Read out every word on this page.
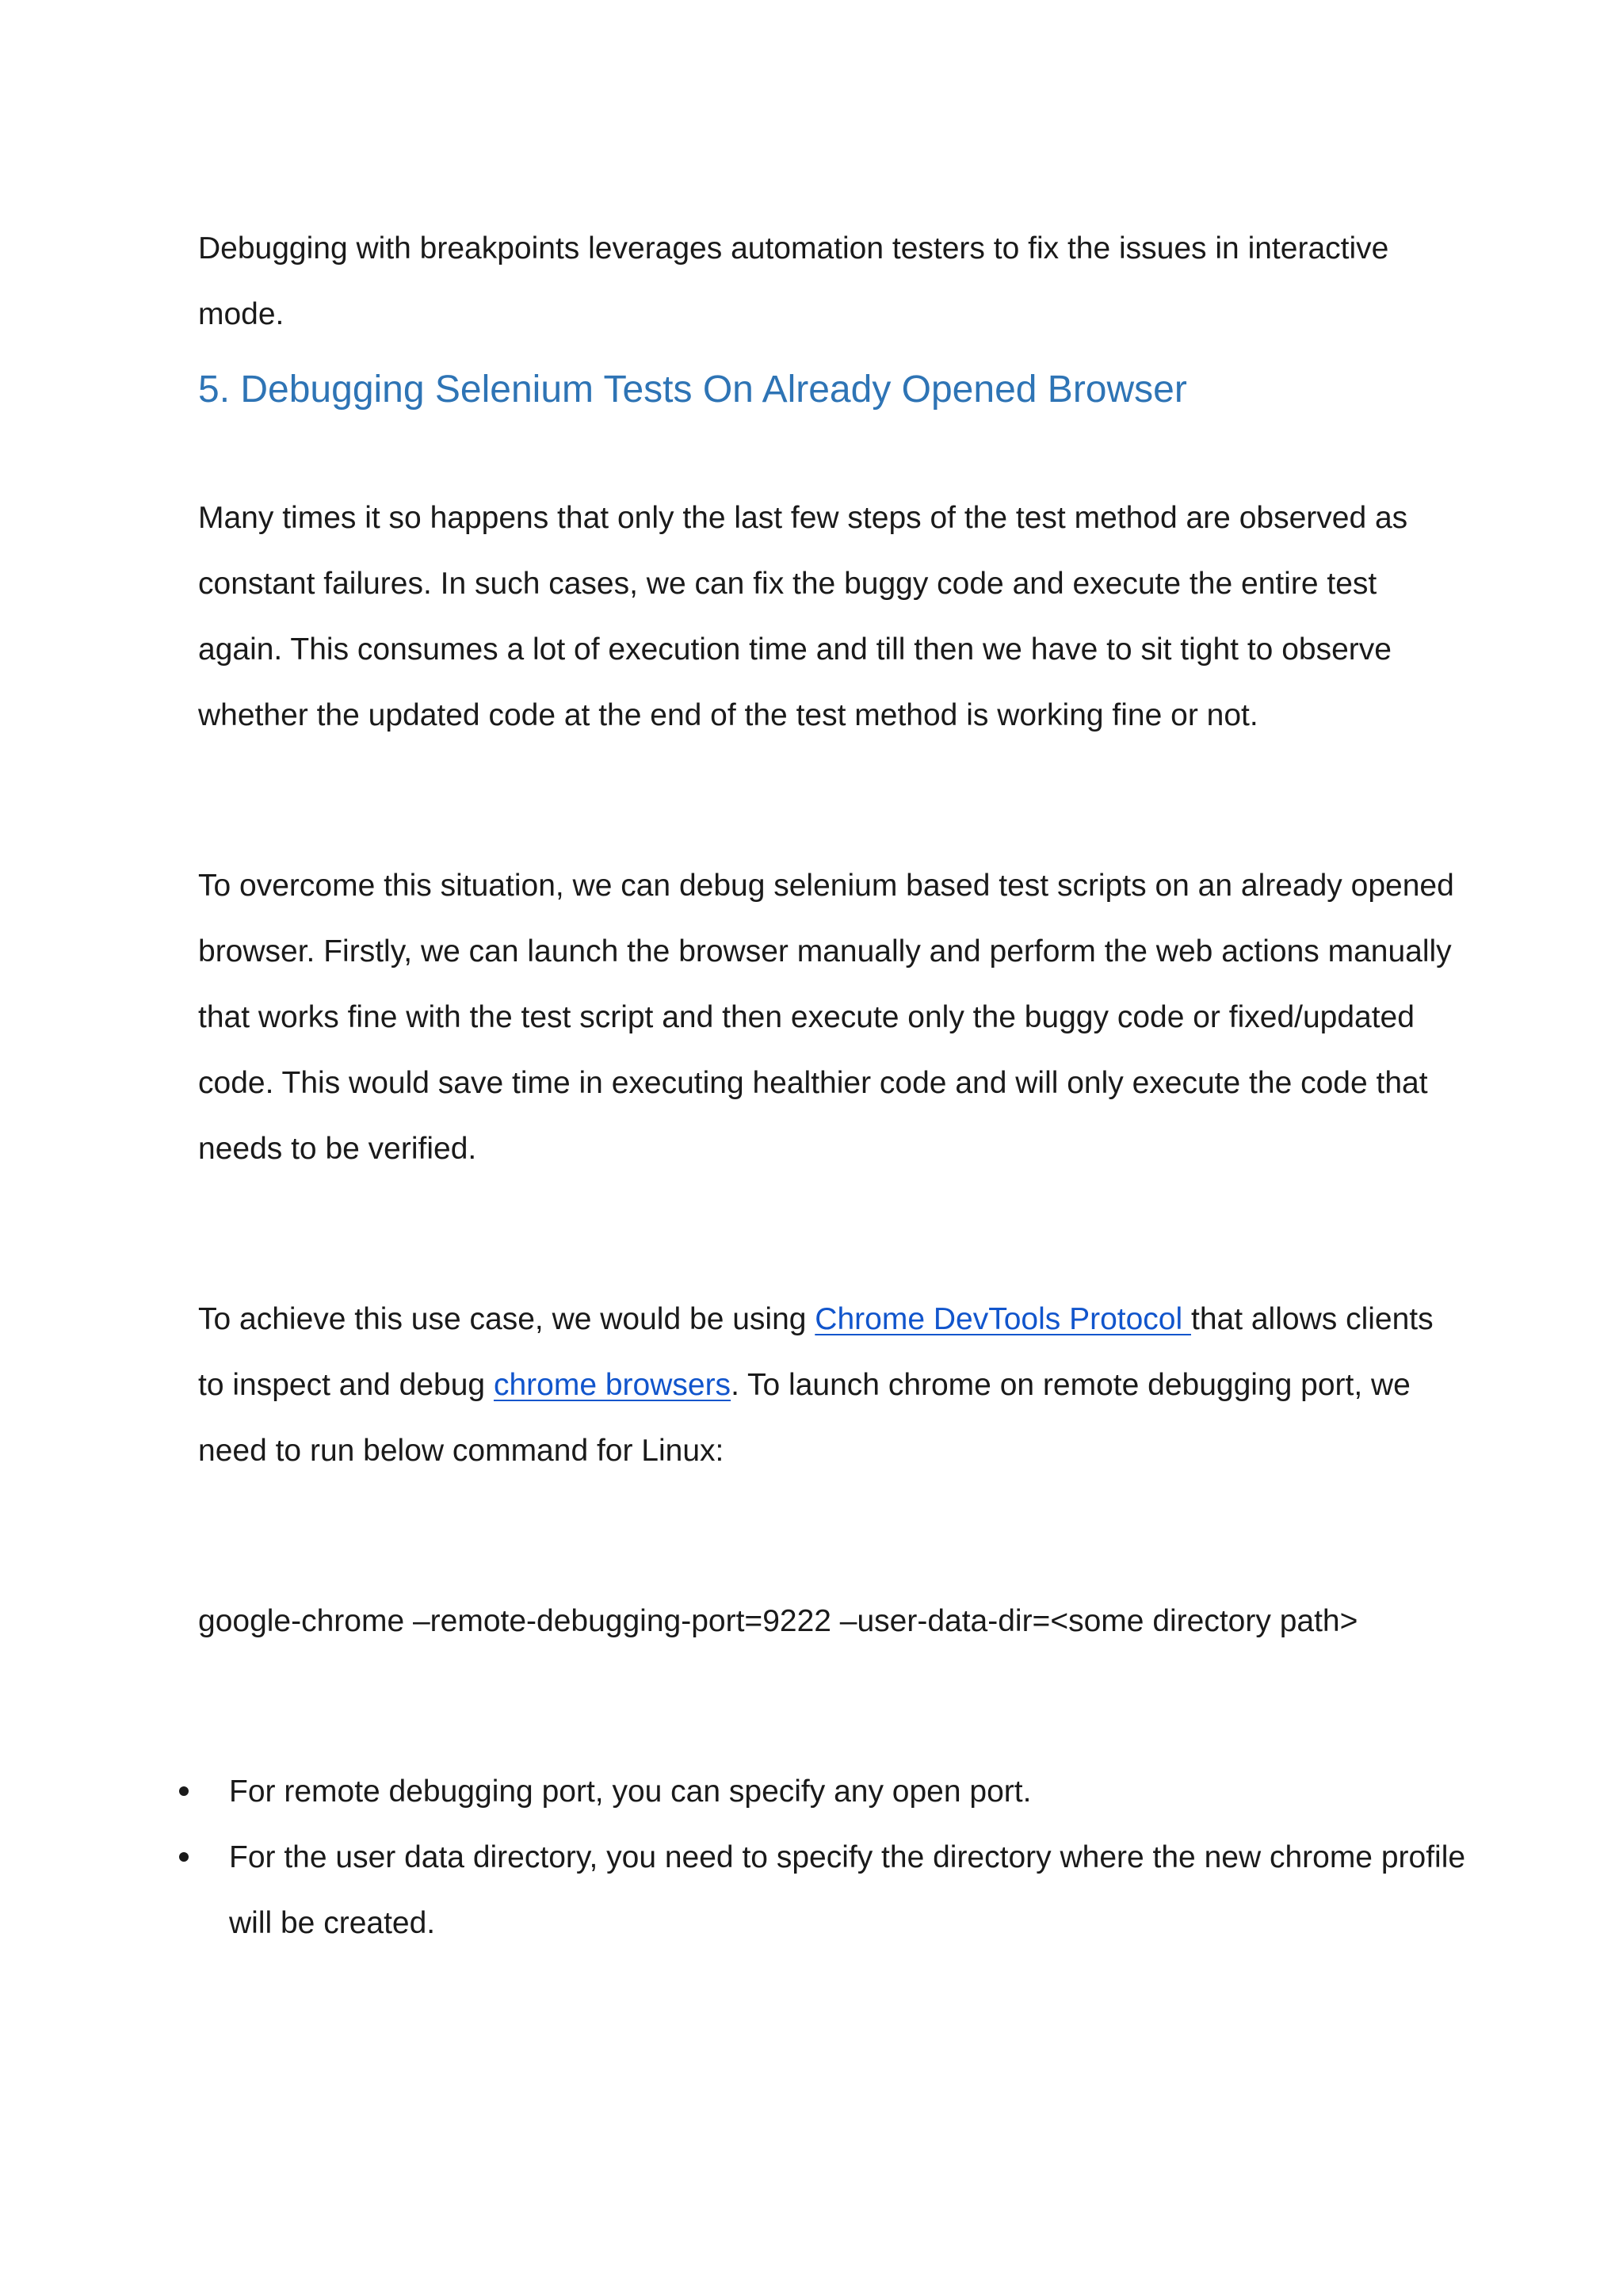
Debugging with breakpoints leverages automation testers to fix the issues in interactive mode.

5. Debugging Selenium Tests On Already Opened Browser

Many times it so happens that only the last few steps of the test method are observed as constant failures. In such cases, we can fix the buggy code and execute the entire test again. This consumes a lot of execution time and till then we have to sit tight to observe whether the updated code at the end of the test method is working fine or not.

To overcome this situation, we can debug selenium based test scripts on an already opened browser. Firstly, we can launch the browser manually and perform the web actions manually that works fine with the test script and then execute only the buggy code or fixed/updated code. This would save time in executing healthier code and will only execute the code that needs to be verified.

To achieve this use case, we would be using Chrome DevTools Protocol that allows clients to inspect and debug chrome browsers. To launch chrome on remote debugging port, we need to run below command for Linux:

google-chrome –remote-debugging-port=9222 –user-data-dir=<some directory path>

For remote debugging port, you can specify any open port.
For the user data directory, you need to specify the directory where the new chrome profile will be created.
